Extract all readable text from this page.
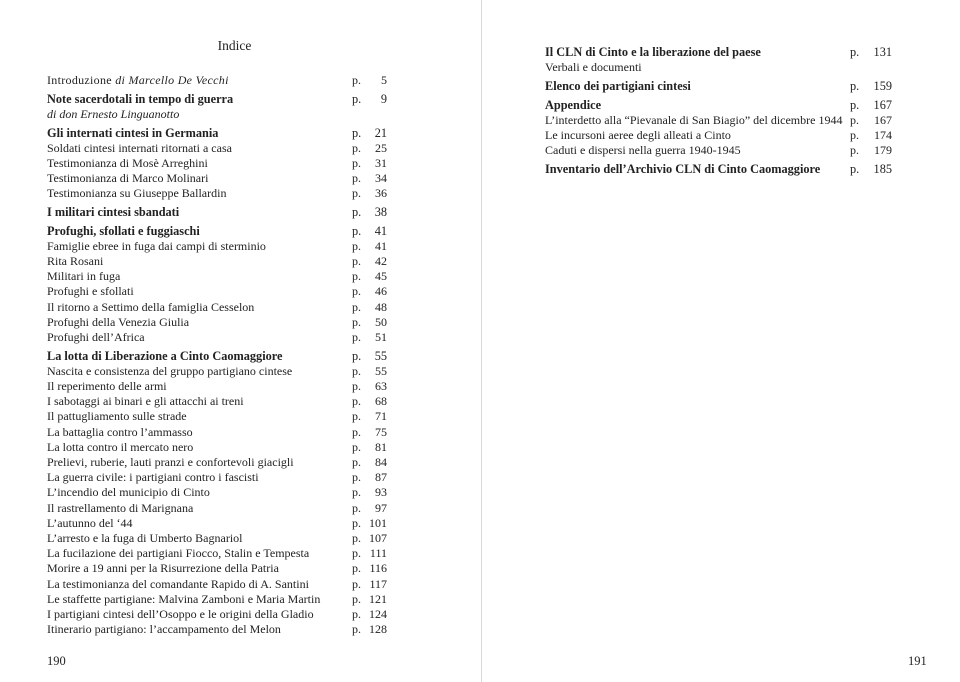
Indice
Introduzione di Marcello De Vecchi	p.	5
Note sacerdotali in tempo di guerra	p.	9
di don Ernesto Linguanotto
Gli internati cintesi in Germania	p.	21
Soldati cintesi internati ritornati a casa	p.	25
Testimonianza di Mosè Arreghini	p.	31
Testimonianza di Marco Molinari	p.	34
Testimonianza su Giuseppe Ballardin	p.	36
I militari cintesi sbandati	p.	38
Profughi, sfollati e fuggiaschi	p.	41
Famiglie ebree in fuga dai campi di sterminio	p.	41
Rita Rosani	p.	42
Militari in fuga	p.	45
Profughi e sfollati	p.	46
Il ritorno a Settimo della famiglia Cesselon	p.	48
Profughi della Venezia Giulia	p.	50
Profughi dell’Africa	p.	51
La lotta di Liberazione a Cinto Caomaggiore	p.	55
Nascita e consistenza del gruppo partigiano cintese	p.	55
Il reperimento delle armi	p.	63
I sabotaggi ai binari e gli attacchi ai treni	p.	68
Il pattugliamento sulle strade	p.	71
La battaglia contro l’ammasso	p.	75
La lotta contro il mercato nero	p.	81
Prelievi, ruberie, lauti pranzi e confortevoli giacigli	p.	84
La guerra civile: i partigiani contro i fascisti	p.	87
L’incendio del municipio di Cinto	p.	93
Il rastrellamento di Marignana	p.	97
L’autunno del ‘44	p. 101
L’arresto e la fuga di Umberto Bagnariol	p. 107
La fucilazione dei partigiani Fiocco, Stalin e Tempesta	p. 111
Morire a 19 anni per la Risurrezione della Patria	p. 116
La testimonianza del comandante Rapido di A. Santini	p. 117
Le staffette partigiane: Malvina Zamboni e Maria Martin	p. 121
I partigiani cintesi dell’Osoppo e le origini della Gladio	p. 124
Itinerario partigiano: l’accampamento del Melon	p. 128
190
Il CLN di Cinto e la liberazione del paese	p.	131
Verbali e documenti
Elenco dei partigiani cintesi	p.	159
Appendice	p.	167
L’interdetto alla “Pievanale di San Biagio” del dicembre 1944 p.	167
Le incursoni aeree degli alleati a Cinto	p.	174
Caduti e dispersi nella guerra 1940-1945	p.	179
Inventario dell’Archivio CLN di Cinto Caomaggiore p.	185
191
